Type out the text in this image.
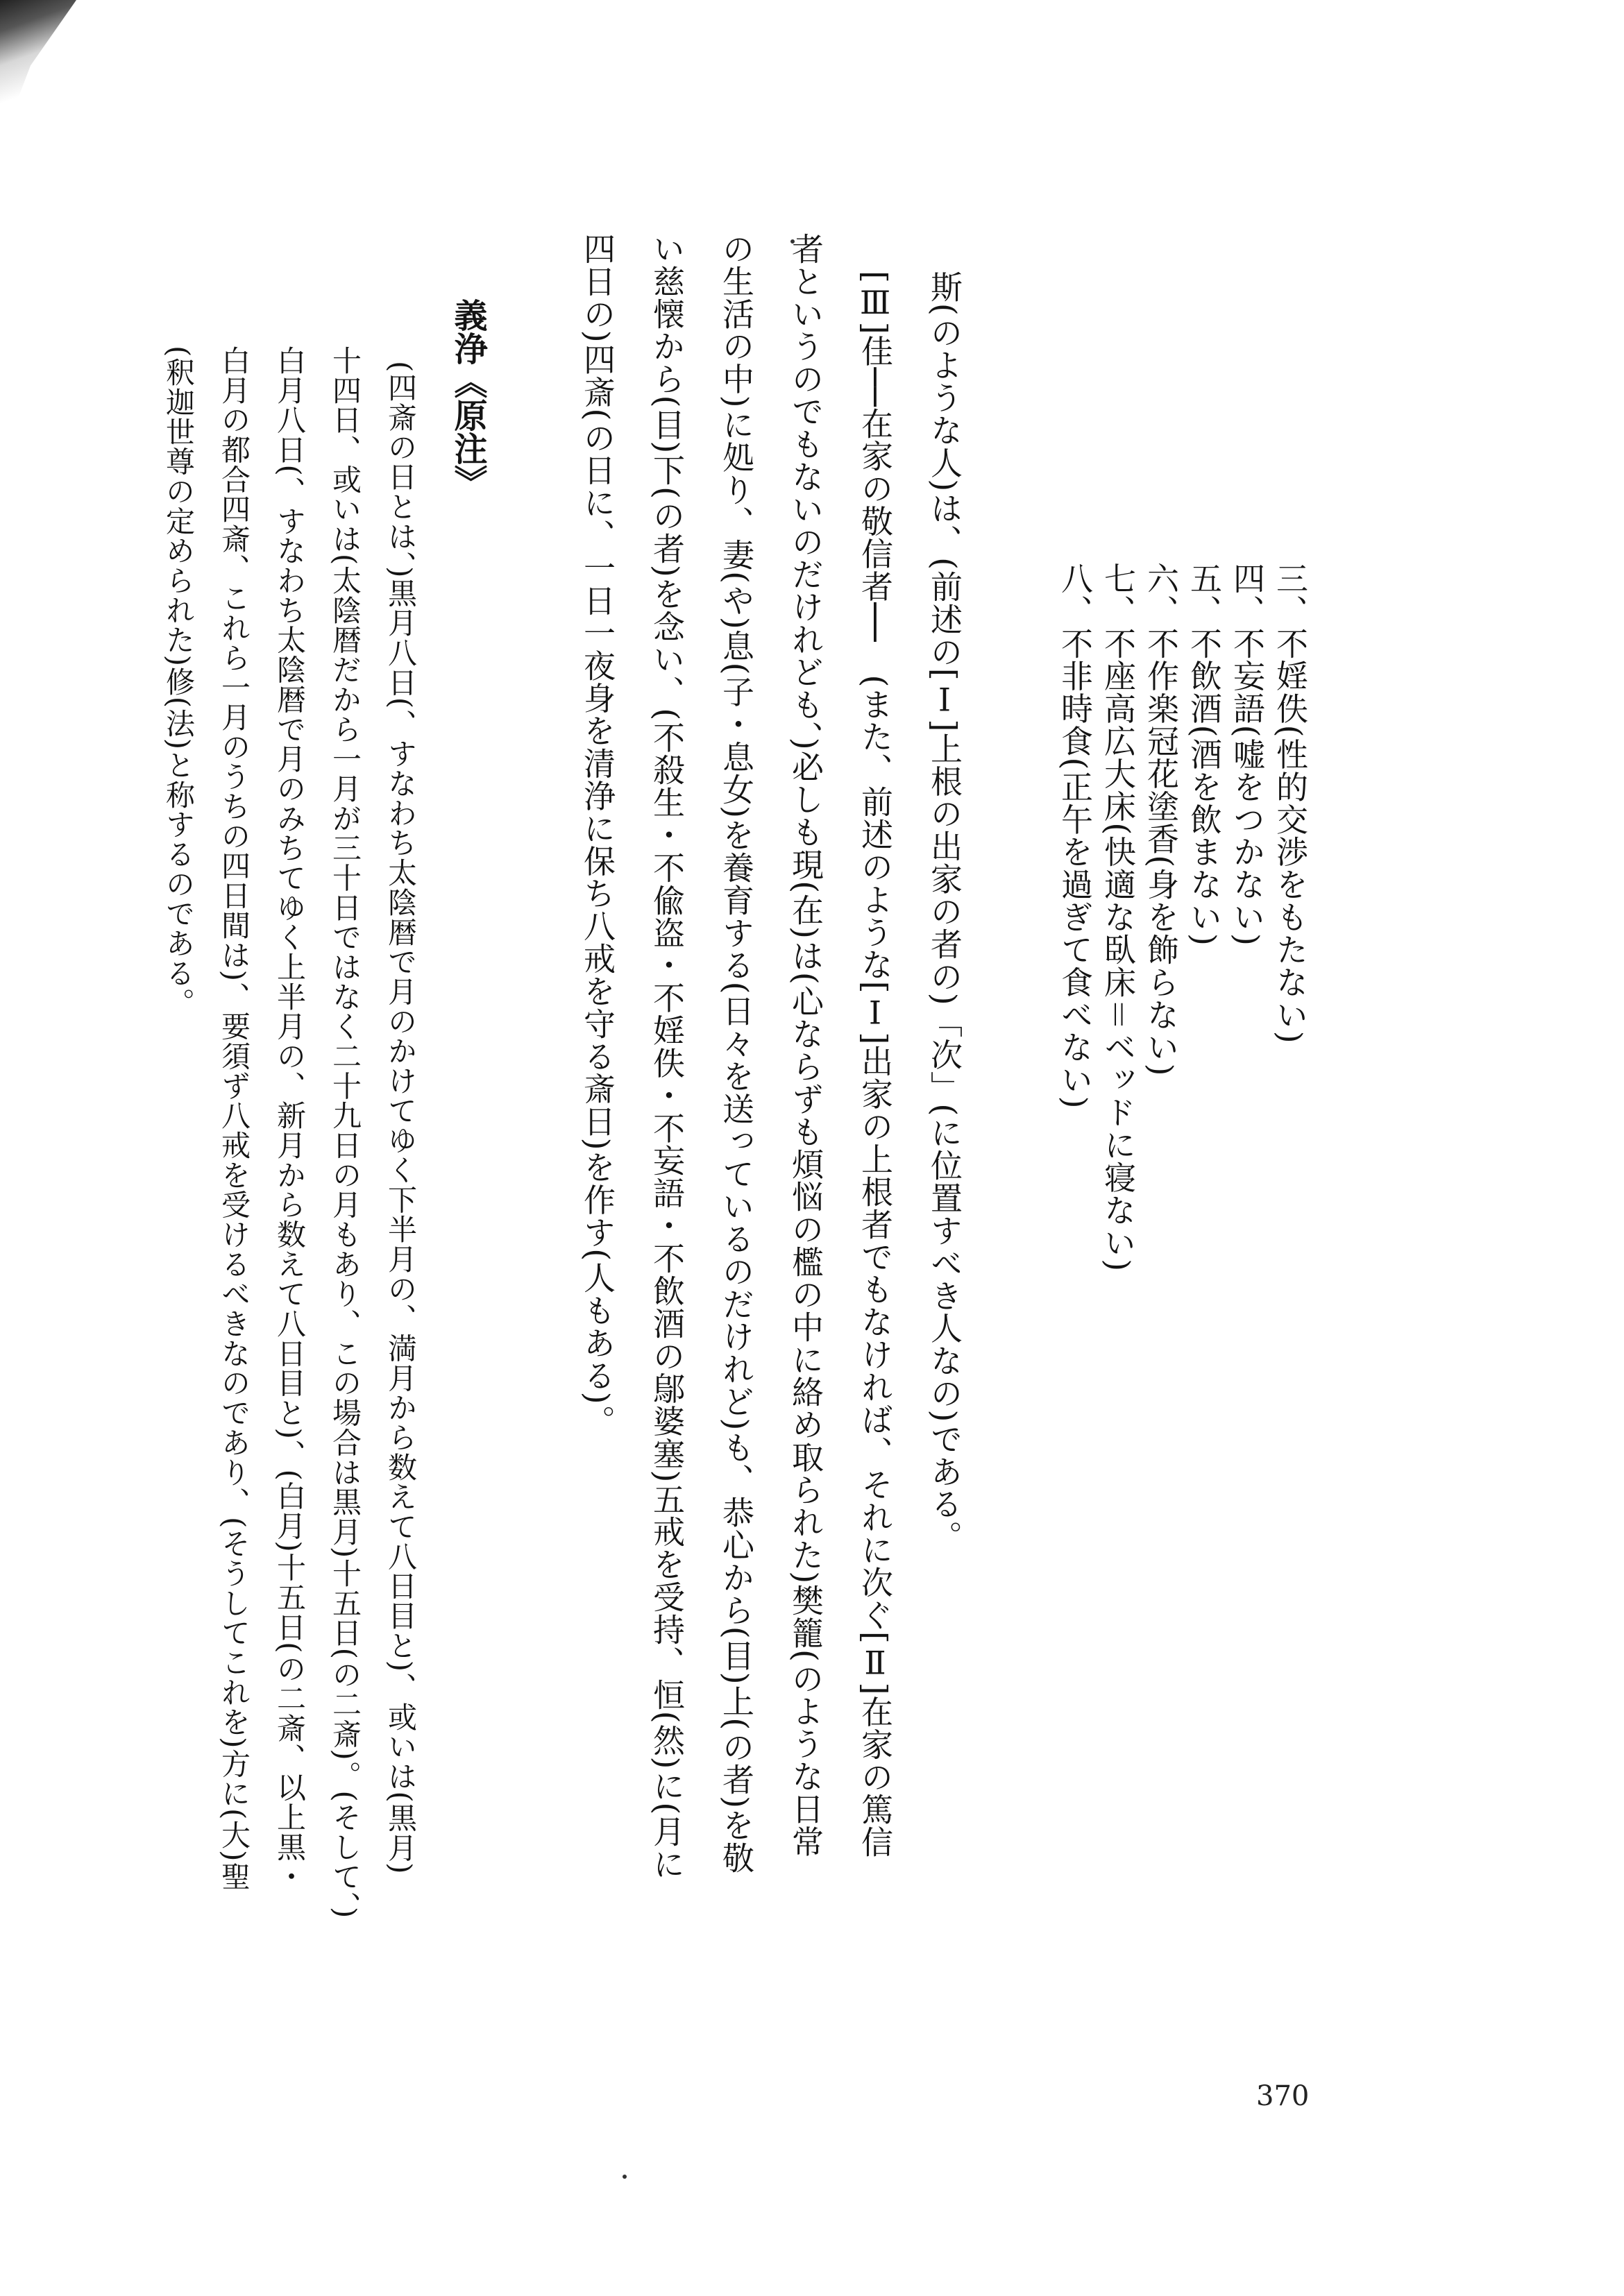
三、不婬佚(性的交渉をもたない)

四、不妄語(嘘をつかない)

五、不飲酒(酒を飲まない)

六、不作楽冠花塗香(身を飾らない)

七、不座高広大床(快適な臥床＝ベッドに寝ない)

八、不非時食(正午を過ぎて食べない)

斯(のような人)は、(前述の[Ⅰ]上根の出家の者の)「次」(に位置すべき人なの)である。

[Ⅲ]佳──在家の敬信者──　(また、前述のような[Ⅰ]出家の上根者でもなければ、それに次ぐ[Ⅱ]在家の篤信

者というのでもないのだけれども、)必しも現(在)は(心ならずも煩悩の檻の中に絡め取られた)樊籠(のような日常

の生活の中)に処り、妻(や)息(子・息女)を養育する(日々を送っているのだけれど)も、恭心から(目)上(の者)を敬

い慈懐から(目)下(の者)を念い、(不殺生・不偸盗・不婬佚・不妄語・不飲酒の鄔婆塞)五戒を受持、恒(然)に(月に

四日の)四斎(の日に、一日一夜身を清浄に保ち八戒を守る斎日)を作す(人もある)。

義浄《原注》

(四斎の日とは、)黒月八日(、すなわち太陰暦で月のかけてゆく下半月の、満月から数えて八日目と)、或いは(黒月)

十四日、或いは(太陰暦だから一月が三十日ではなく二十九日の月もあり、この場合は黒月)十五日(の二斎)。(そして、)

白月八日(、すなわち太陰暦で月のみちてゆく上半月の、新月から数えて八日目と)、(白月)十五日(の二斎、以上黒・

白月の都合四斎、これら一月のうちの四日間は)、要須ず八戒を受けるべきなのであり、(そうしてこれを)方に(大)聖

(釈迦世尊の定められた)修(法)と称するのである。

370
